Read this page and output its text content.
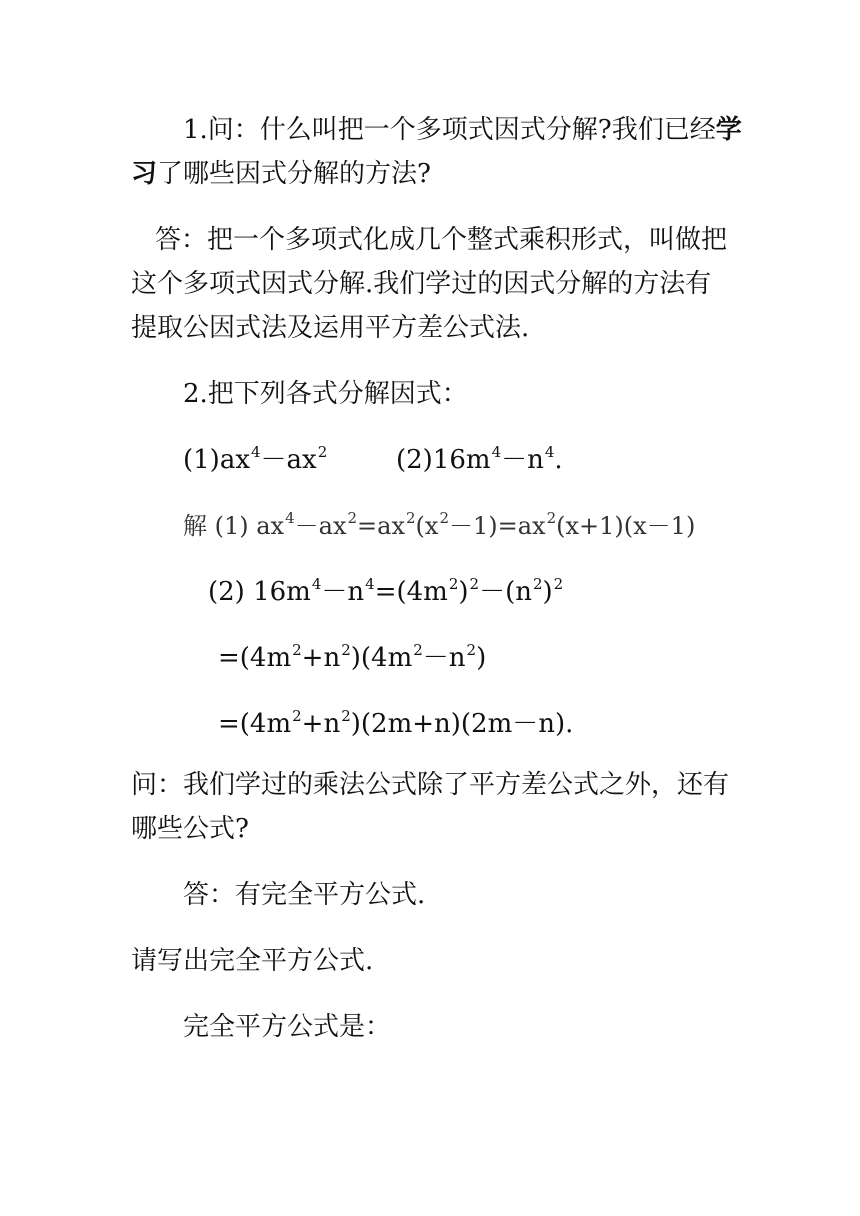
1.问：什么叫把一个多项式因式分解?我们已经学
习了哪些因式分解的方法?
答：把一个多项式化成几个整式乘积形式，叫做把
这个多项式因式分解.我们学过的因式分解的方法有
提取公因式法及运用平方差公式法.
2.把下列各式分解因式：
$(1)ax^4-ax^2$	$(2)16m^4-n^4$.
解 (1) $ax^4-ax^2=ax^2(x^2-1)=ax^2(x+1)(x-1)$
(2) $16m^4-n^4=(4m^2)^2-(n^2)^2$
$=(4m^2+n^2)(4m^2-n^2)$
$=(4m^2+n^2)(2m+n)(2m-n)$.
问：我们学过的乘法公式除了平方差公式之外，还有
哪些公式?
答：有完全平方公式.
请写出完全平方公式.
完全平方公式是：
